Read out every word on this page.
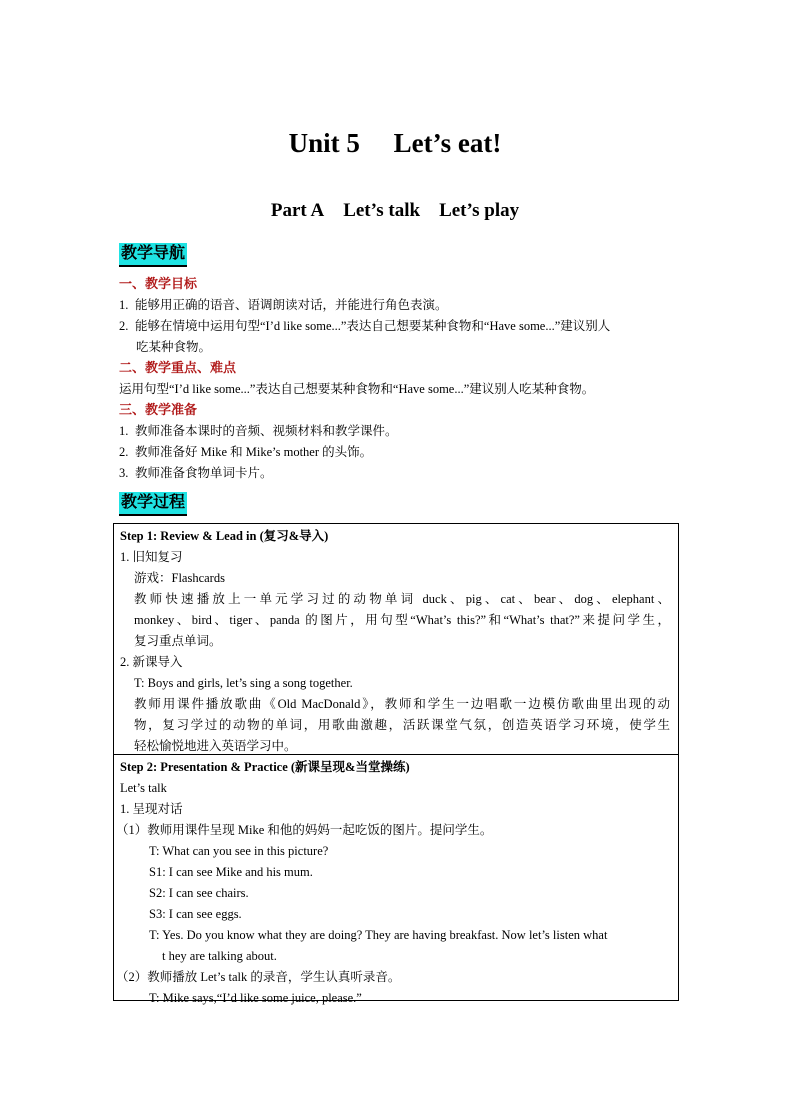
Unit 5 Let’s eat!
Part A Let’s talk Let’s play
教学导航
一、教学目标
1. 能够用正确的语音、语调朗读对话，并能进行角色表演。
2. 能够在情境中运用句型“I’d like some...”表达自己想要某种食物和“Have some...”建议别人
吃某种食物。
二、教学重点、难点
运用句型“I’d like some...”表达自己想要某种食物和“Have some...”建议别人吃某种食物。
三、教学准备
1. 教师准备本课时的音频、视频材料和教学课件。
2. 教师准备好 Mike 和 Mike’s mother 的头饰。
3. 教师准备食物单词卡片。
教学过程
Step 1: Review & Lead in (复习&导入)
1. 旧知复习
游戏：Flashcards
教师快速播放上一单元学习过的动物单词 duck、pig、cat、bear、dog、elephant、
monkey、bird、tiger、panda 的图片，用句型“What’s this?”和“What’s that?”来提问学生，
复习重点单词。
2. 新课导入
T: Boys and girls, let’s sing a song together.
教师用课件播放歌曲《Old MacDonald》，教师和学生一边唱歌一边模仿歌曲里出现的动
物，复习学过的动物的单词，用歌曲激趣，活跃课堂气氛，创造英语学习环境，使学生
轻松愉悦地进入英语学习中。
Step 2: Presentation & Practice (新课呈现&当堂操练)
Let’s talk
1. 呈现对话
（1）教师用课件呈现 Mike 和他的妈妈一起吃饭的图片。提问学生。
T: What can you see in this picture?
S1: I can see Mike and his mum.
S2: I can see chairs.
S3: I can see eggs.
T: Yes. Do you know what they are doing? They are having breakfast. Now let’s listen what
t hey are talking about.
（2）教师播放 Let’s talk 的录音，学生认真听录音。
T: Mike says,“I’d like some juice, please.”
